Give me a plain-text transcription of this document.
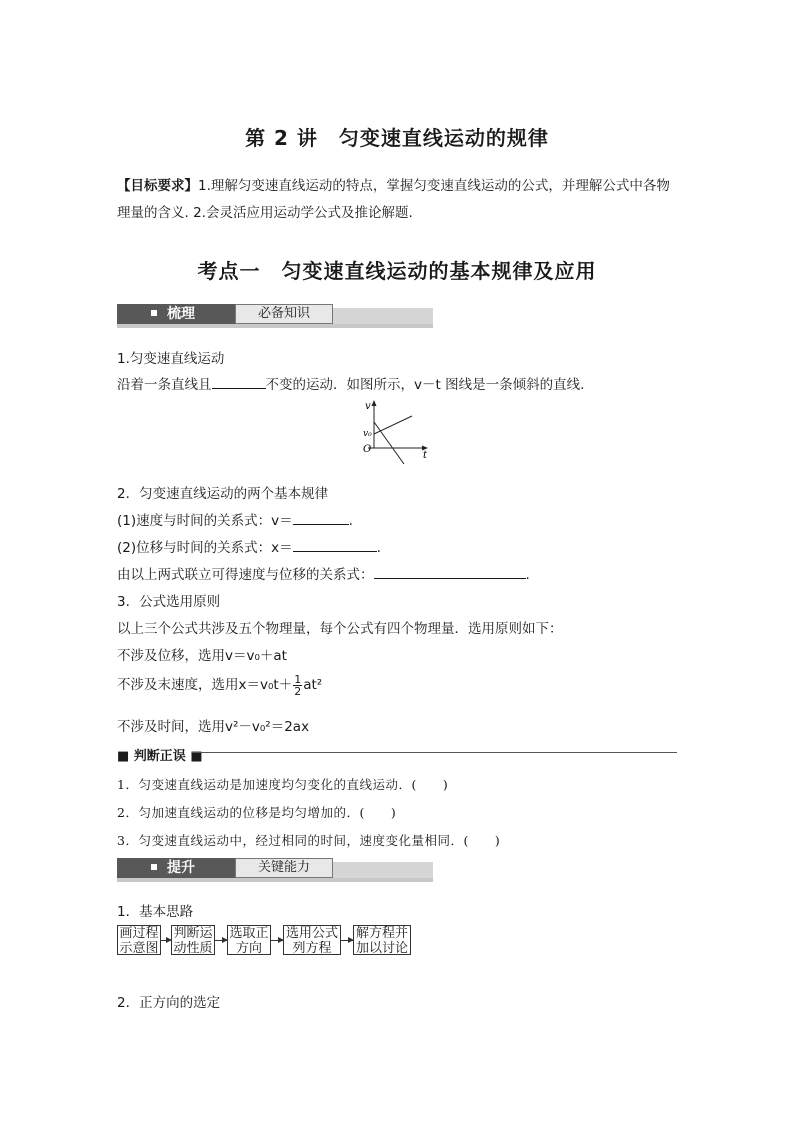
第 2 讲　匀变速直线运动的规律
【目标要求】1.理解匀变速直线运动的特点，掌握匀变速直线运动的公式，并理解公式中各物
理量的含义. 2.会灵活应用运动学公式及推论解题.
考点一　匀变速直线运动的基本规律及应用
梳理	必备知识
1.匀变速直线运动
沿着一条直线且	不变的运动．如图所示，v－t 图线是一条倾斜的直线.
v
t
O
v₀
2．匀变速直线运动的两个基本规律
(1)速度与时间的关系式：v＝	.
(2)位移与时间的关系式：x＝	.
由以上两式联立可得速度与位移的关系式：	.
3．公式选用原则
以上三个公式共涉及五个物理量，每个公式有四个物理量．选用原则如下：
不涉及位移，选用v＝v₀＋at
不涉及末速度，选用$x=v_0t+ \frac{1}{2} at^2$
不涉及时间，选用v²－v₀²＝2ax
■ 判断正误 ■
1．匀变速直线运动是加速度均匀变化的直线运动．(　　)
2．匀加速直线运动的位移是均匀增加的．(　　)
3．匀变速直线运动中，经过相同的时间，速度变化量相同．(　　)
提升	关键能力
1．基本思路
画过程
示意图
判断运
动性质
选取正
方向
选用公式
列方程
解方程并
加以讨论
2．正方向的选定
